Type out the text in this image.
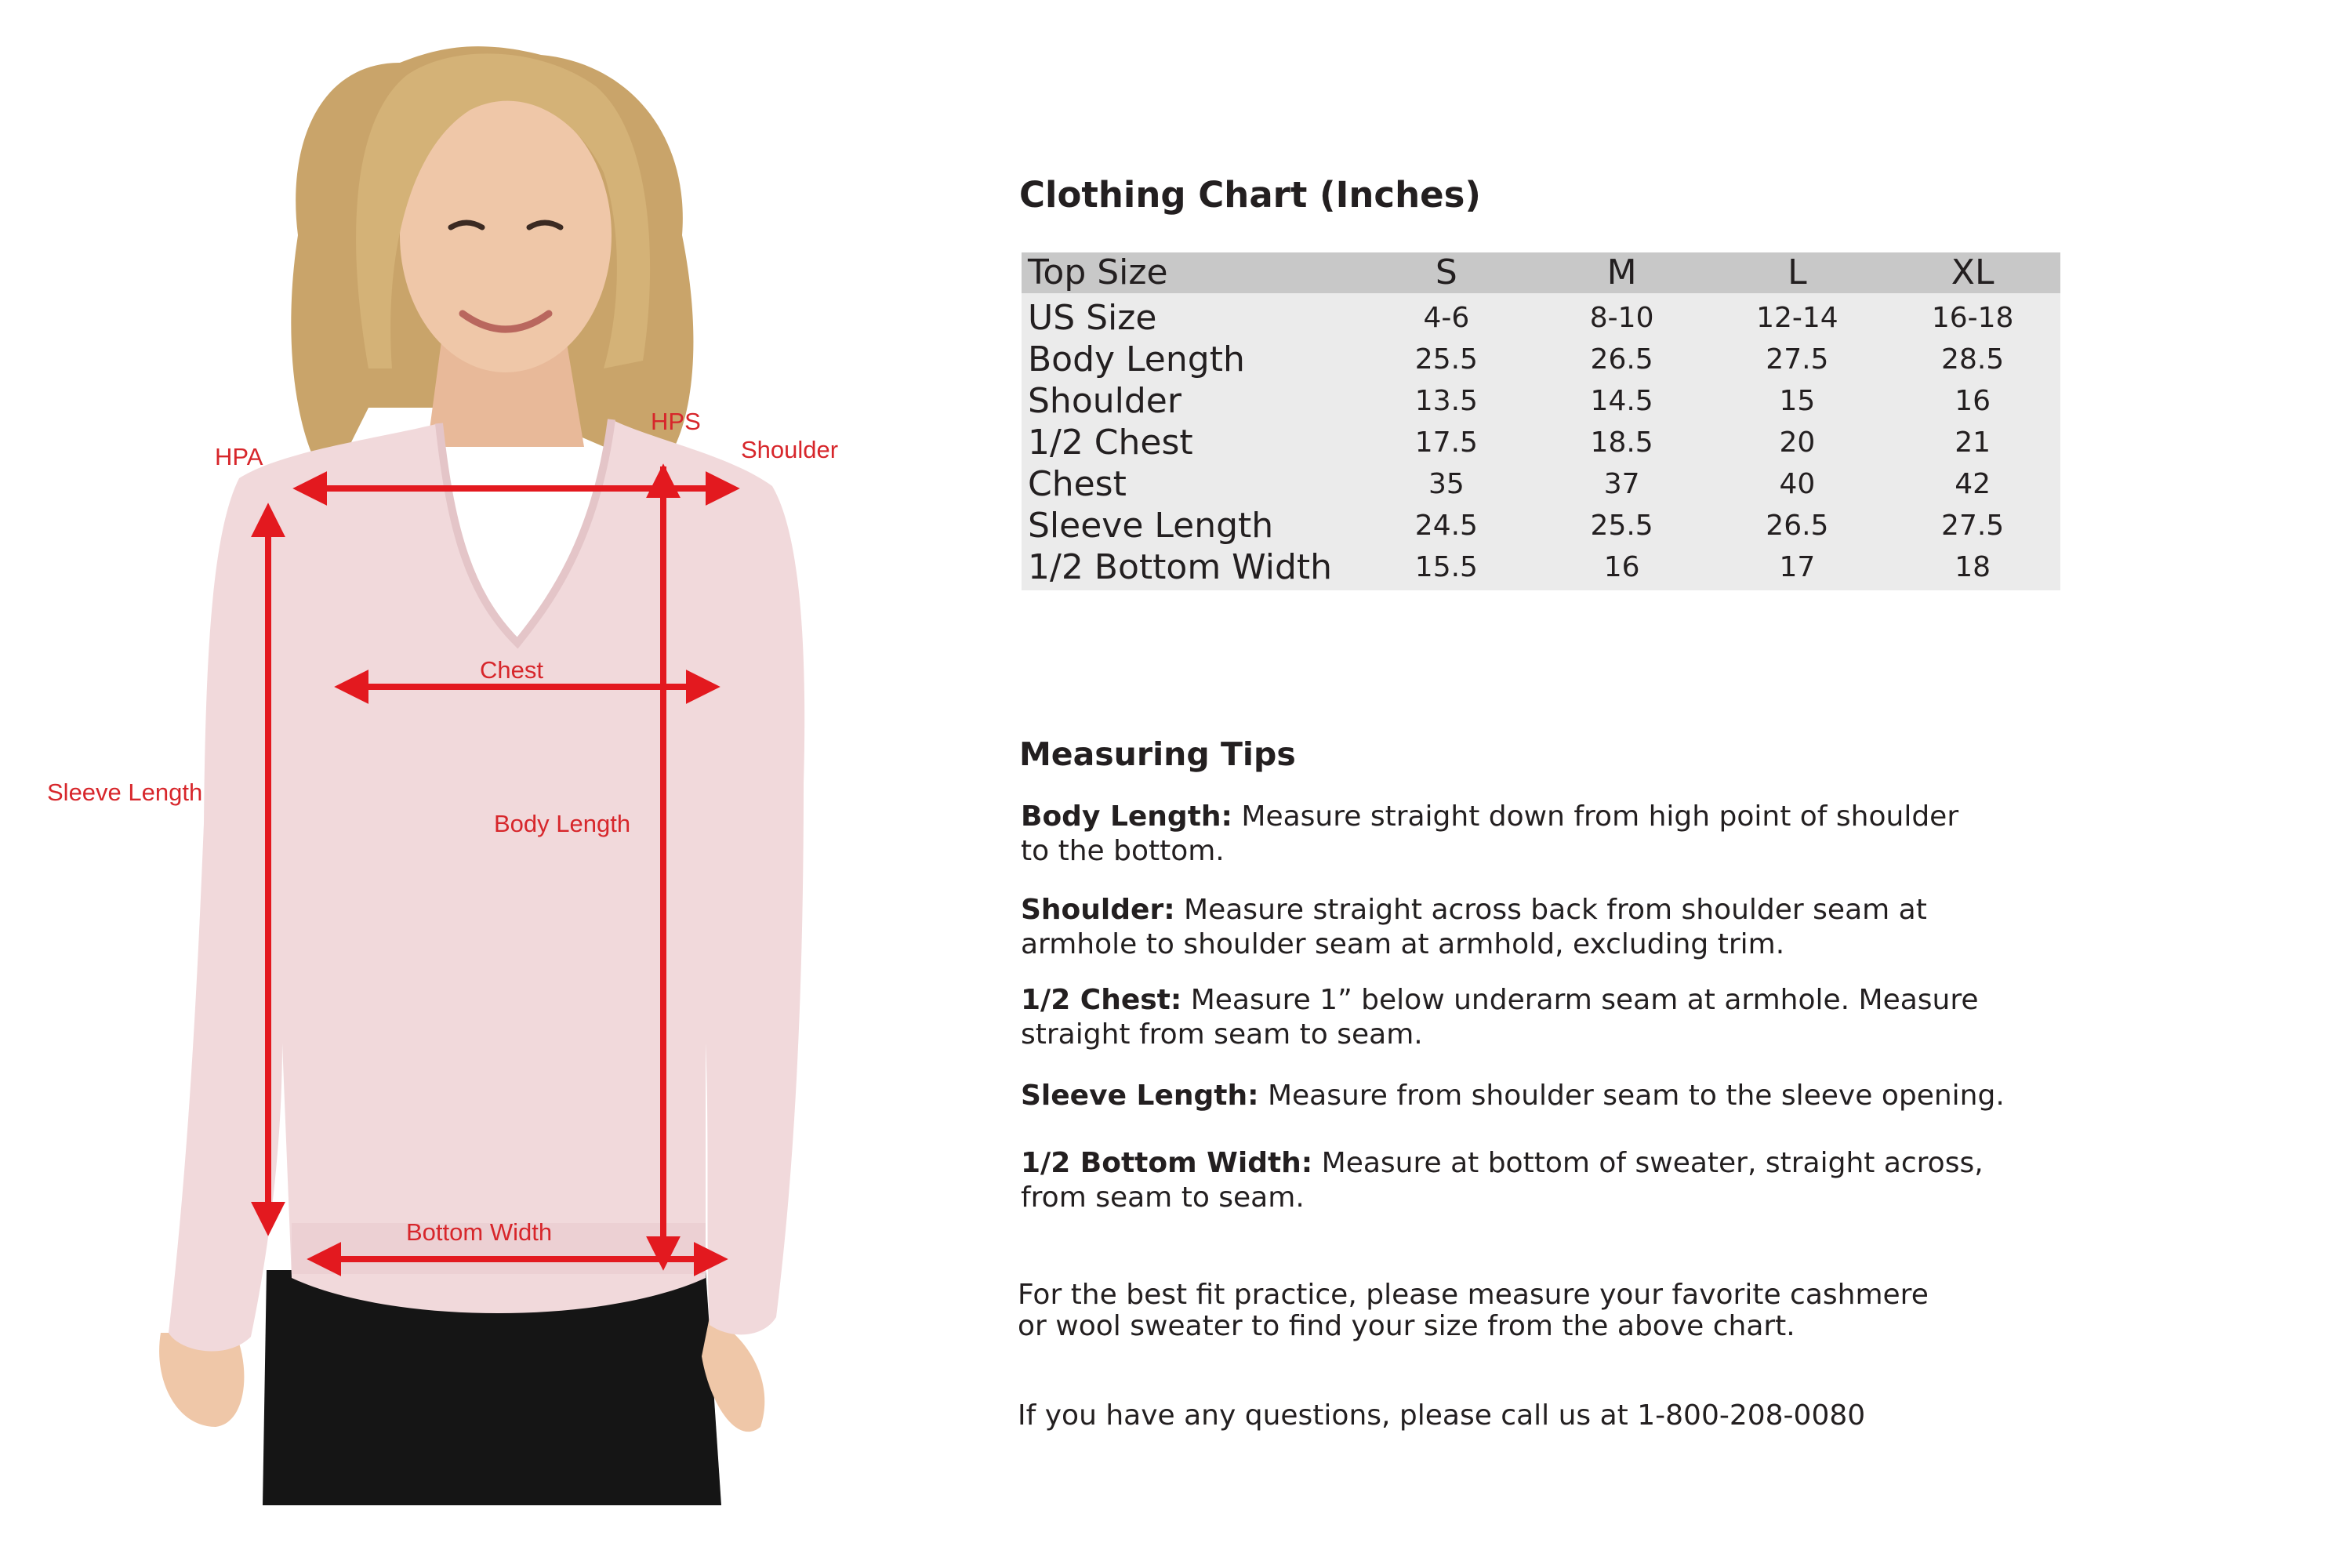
HPA
HPS
Shoulder
Chest
Sleeve Length
Body Length
Bottom Width
Clothing Chart (Inches)
Top Size	S	M	L	XL
US Size	4-6	8-10	12-14	16-18
Body Length	25.5	26.5	27.5	28.5
Shoulder	13.5	14.5	15	16
1/2 Chest	17.5	18.5	20	21
Chest	35	37	40	42
Sleeve Length	24.5	25.5	26.5	27.5
1/2 Bottom Width	15.5	16	17	18
Measuring Tips

Body Length: Measure straight down from high point of shoulder
to the bottom.

Shoulder: Measure straight across back from shoulder seam at
armhole to shoulder seam at armhold, excluding trim.

1/2 Chest: Measure 1” below underarm seam at armhole. Measure
straight from seam to seam.

Sleeve Length: Measure from shoulder seam to the sleeve opening.

1/2 Bottom Width: Measure at bottom of sweater, straight across,
from seam to seam.

For the best fit practice, please measure your favorite cashmere
or wool sweater to find your size from the above chart.

If you have any questions, please call us at 1-800-208-0080
